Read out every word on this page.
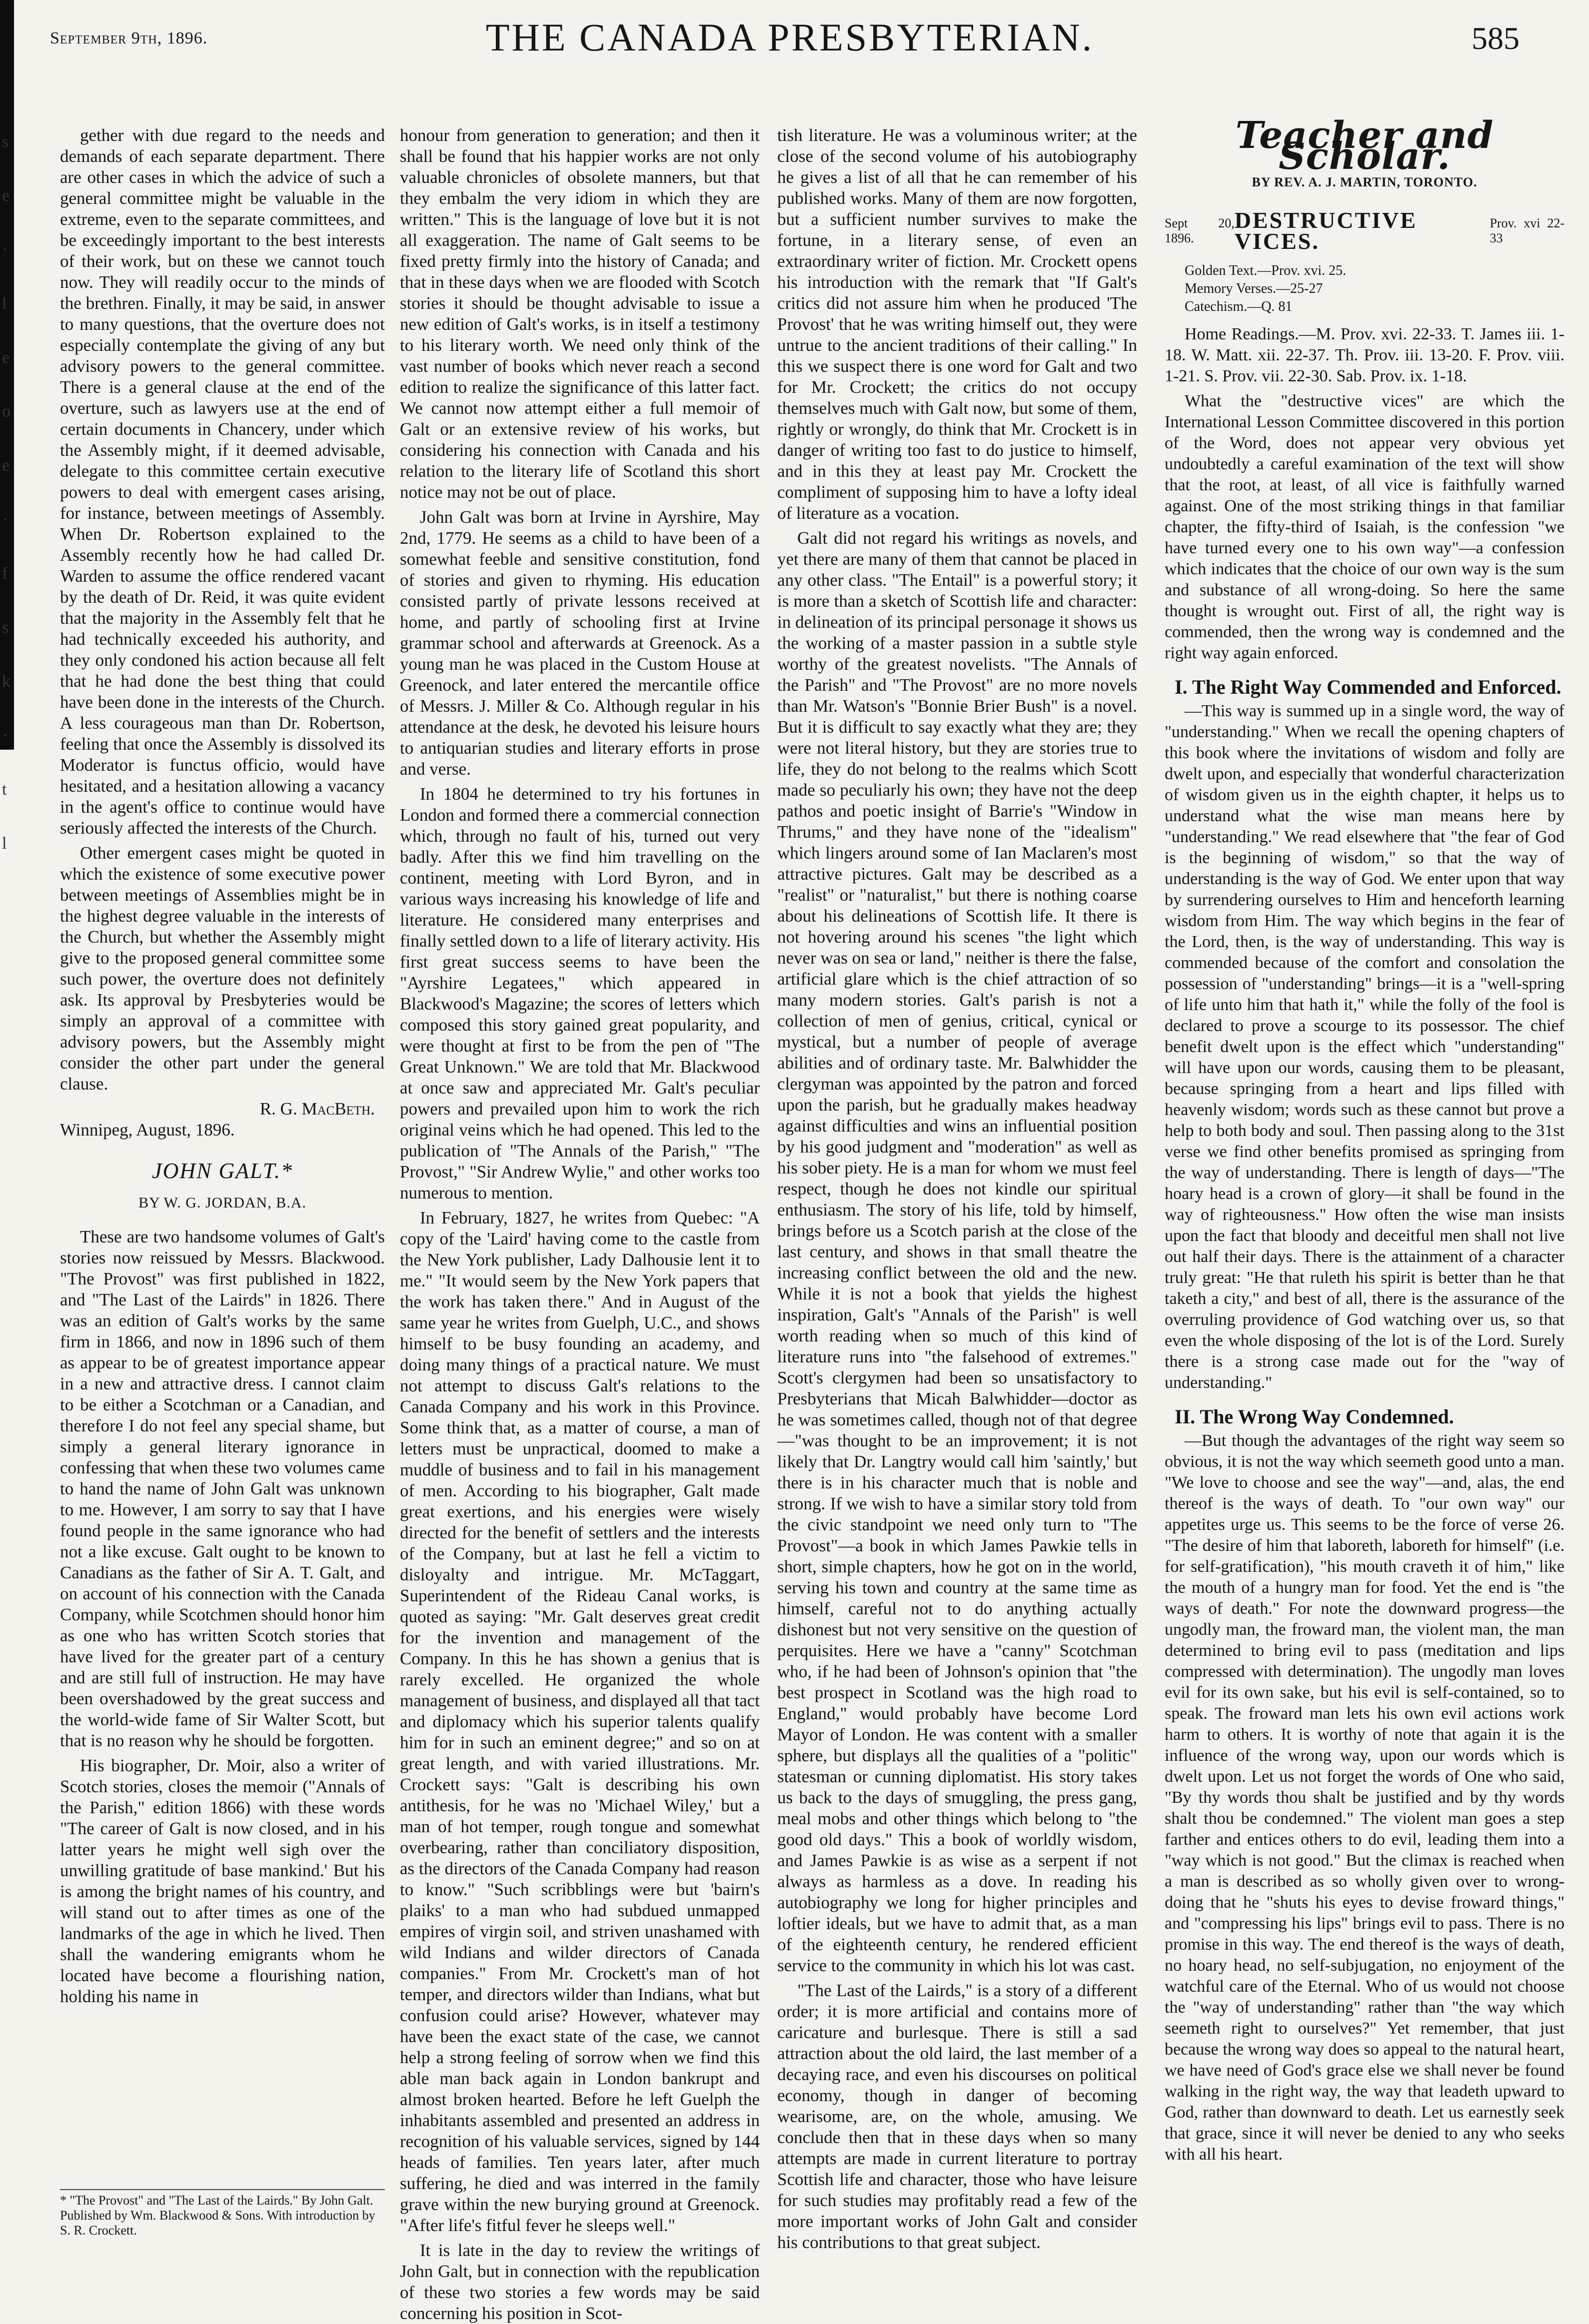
s
e
·
l
e
o
e
·
f
s
k
·
t
l
September 9th, 1896.	THE CANADA PRESBYTERIAN.	585

gether with due regard to the needs and demands of each separate department. There are other cases in which the advice of such a general committee might be valuable in the extreme, even to the separate committees, and be exceedingly important to the best interests of their work, but on these we cannot touch now. They will readily occur to the minds of the brethren. Finally, it may be said, in answer to many questions, that the overture does not especially contemplate the giving of any but advisory powers to the general committee. There is a general clause at the end of the overture, such as lawyers use at the end of certain documents in Chancery, under which the Assembly might, if it deemed advisable, delegate to this committee certain executive powers to deal with emergent cases arising, for instance, between meetings of Assembly. When Dr. Robertson explained to the Assembly recently how he had called Dr. Warden to assume the office rendered vacant by the death of Dr. Reid, it was quite evident that the majority in the Assembly felt that he had technically exceeded his authority, and they only condoned his action because all felt that he had done the best thing that could have been done in the interests of the Church. A less courageous man than Dr. Robertson, feeling that once the Assembly is dissolved its Moderator is functus officio, would have hesitated, and a hesitation allowing a vacancy in the agent's office to continue would have seriously affected the interests of the Church.

Other emergent cases might be quoted in which the existence of some executive power between meetings of Assemblies might be in the highest degree valuable in the interests of the Church, but whether the Assembly might give to the proposed general committee some such power, the overture does not definitely ask. Its approval by Presbyteries would be simply an approval of a committee with advisory powers, but the Assembly might consider the other part under the general clause.

R. G. MacBeth.
Winnipeg, August, 1896.
JOHN GALT.*
BY W. G. JORDAN, B.A.

These are two handsome volumes of Galt's stories now reissued by Messrs. Blackwood. "The Provost" was first published in 1822, and "The Last of the Lairds" in 1826. There was an edition of Galt's works by the same firm in 1866, and now in 1896 such of them as appear to be of greatest importance appear in a new and attractive dress. I cannot claim to be either a Scotchman or a Canadian, and therefore I do not feel any special shame, but simply a general literary ignorance in confessing that when these two volumes came to hand the name of John Galt was unknown to me. However, I am sorry to say that I have found people in the same ignorance who had not a like excuse. Galt ought to be known to Canadians as the father of Sir A. T. Galt, and on account of his connection with the Canada Company, while Scotchmen should honor him as one who has written Scotch stories that have lived for the greater part of a century and are still full of instruction. He may have been overshadowed by the great success and the world-wide fame of Sir Walter Scott, but that is no reason why he should be forgotten.

His biographer, Dr. Moir, also a writer of Scotch stories, closes the memoir ("Annals of the Parish," edition 1866) with these words "The career of Galt is now closed, and in his latter years he might well sigh over the unwilling gratitude of base mankind.' But his is among the bright names of his country, and will stand out to after times as one of the landmarks of the age in which he lived. Then shall the wandering emigrants whom he located have become a flourishing nation, holding his name in

* "The Provost" and "The Last of the Lairds." By John Galt. Published by Wm. Blackwood & Sons. With introduction by S. R. Crockett.

honour from generation to generation; and then it shall be found that his happier works are not only valuable chronicles of obsolete manners, but that they embalm the very idiom in which they are written." This is the language of love but it is not all exaggeration. The name of Galt seems to be fixed pretty firmly into the history of Canada; and that in these days when we are flooded with Scotch stories it should be thought advisable to issue a new edition of Galt's works, is in itself a testimony to his literary worth. We need only think of the vast number of books which never reach a second edition to realize the significance of this latter fact. We cannot now attempt either a full memoir of Galt or an extensive review of his works, but considering his connection with Canada and his relation to the literary life of Scotland this short notice may not be out of place.

John Galt was born at Irvine in Ayrshire, May 2nd, 1779. He seems as a child to have been of a somewhat feeble and sensitive constitution, fond of stories and given to rhyming. His education consisted partly of private lessons received at home, and partly of schooling first at Irvine grammar school and afterwards at Greenock. As a young man he was placed in the Custom House at Greenock, and later entered the mercantile office of Messrs. J. Miller & Co. Although regular in his attendance at the desk, he devoted his leisure hours to antiquarian studies and literary efforts in prose and verse.

In 1804 he determined to try his fortunes in London and formed there a commercial connection which, through no fault of his, turned out very badly. After this we find him travelling on the continent, meeting with Lord Byron, and in various ways increasing his knowledge of life and literature. He considered many enterprises and finally settled down to a life of literary activity. His first great success seems to have been the "Ayrshire Legatees," which appeared in Blackwood's Magazine; the scores of letters which composed this story gained great popularity, and were thought at first to be from the pen of "The Great Unknown." We are told that Mr. Blackwood at once saw and appreciated Mr. Galt's peculiar powers and prevailed upon him to work the rich original veins which he had opened. This led to the publication of "The Annals of the Parish," "The Provost," "Sir Andrew Wylie," and other works too numerous to mention.

In February, 1827, he writes from Quebec: "A copy of the 'Laird' having come to the castle from the New York publisher, Lady Dalhousie lent it to me." "It would seem by the New York papers that the work has taken there." And in August of the same year he writes from Guelph, U.C., and shows himself to be busy founding an academy, and doing many things of a practical nature. We must not attempt to discuss Galt's relations to the Canada Company and his work in this Province. Some think that, as a matter of course, a man of letters must be unpractical, doomed to make a muddle of business and to fail in his management of men. According to his biographer, Galt made great exertions, and his energies were wisely directed for the benefit of settlers and the interests of the Company, but at last he fell a victim to disloyalty and intrigue. Mr. McTaggart, Superintendent of the Rideau Canal works, is quoted as saying: "Mr. Galt deserves great credit for the invention and management of the Company. In this he has shown a genius that is rarely excelled. He organized the whole management of business, and displayed all that tact and diplomacy which his superior talents qualify him for in such an eminent degree;" and so on at great length, and with varied illustrations. Mr. Crockett says: "Galt is describing his own antithesis, for he was no 'Michael Wiley,' but a man of hot temper, rough tongue and somewhat overbearing, rather than conciliatory disposition, as the directors of the Canada Company had reason to know." "Such scribblings were but 'bairn's plaiks' to a man who had subdued unmapped empires of virgin soil, and striven unashamed with wild Indians and wilder directors of Canada companies." From Mr. Crockett's man of hot temper, and directors wilder than Indians, what but confusion could arise? However, whatever may have been the exact state of the case, we cannot help a strong feeling of sorrow when we find this able man back again in London bankrupt and almost broken hearted. Before he left Guelph the inhabitants assembled and presented an address in recognition of his valuable services, signed by 144 heads of families. Ten years later, after much suffering, he died and was interred in the family grave within the new burying ground at Greenock. "After life's fitful fever he sleeps well."

It is late in the day to review the writings of John Galt, but in connection with the republication of these two stories a few words may be said concerning his position in Scot-

tish literature. He was a voluminous writer; at the close of the second volume of his autobiography he gives a list of all that he can remember of his published works. Many of them are now forgotten, but a sufficient number survives to make the fortune, in a literary sense, of even an extraordinary writer of fiction. Mr. Crockett opens his introduction with the remark that "If Galt's critics did not assure him when he produced 'The Provost' that he was writing himself out, they were untrue to the ancient traditions of their calling." In this we suspect there is one word for Galt and two for Mr. Crockett; the critics do not occupy themselves much with Galt now, but some of them, rightly or wrongly, do think that Mr. Crockett is in danger of writing too fast to do justice to himself, and in this they at least pay Mr. Crockett the compliment of supposing him to have a lofty ideal of literature as a vocation.

Galt did not regard his writings as novels, and yet there are many of them that cannot be placed in any other class. "The Entail" is a powerful story; it is more than a sketch of Scottish life and character: in delineation of its principal personage it shows us the working of a master passion in a subtle style worthy of the greatest novelists. "The Annals of the Parish" and "The Provost" are no more novels than Mr. Watson's "Bonnie Brier Bush" is a novel. But it is difficult to say exactly what they are; they were not literal history, but they are stories true to life, they do not belong to the realms which Scott made so peculiarly his own; they have not the deep pathos and poetic insight of Barrie's "Window in Thrums," and they have none of the "idealism" which lingers around some of Ian Maclaren's most attractive pictures. Galt may be described as a "realist" or "naturalist," but there is nothing coarse about his delineations of Scottish life. It there is not hovering around his scenes "the light which never was on sea or land," neither is there the false, artificial glare which is the chief attraction of so many modern stories. Galt's parish is not a collection of men of genius, critical, cynical or mystical, but a number of people of average abilities and of ordinary taste. Mr. Balwhidder the clergyman was appointed by the patron and forced upon the parish, but he gradually makes headway against difficulties and wins an influential position by his good judgment and "moderation" as well as his sober piety. He is a man for whom we must feel respect, though he does not kindle our spiritual enthusiasm. The story of his life, told by himself, brings before us a Scotch parish at the close of the last century, and shows in that small theatre the increasing conflict between the old and the new. While it is not a book that yields the highest inspiration, Galt's "Annals of the Parish" is well worth reading when so much of this kind of literature runs into "the falsehood of extremes." Scott's clergymen had been so unsatisfactory to Presbyterians that Micah Balwhidder—doctor as he was sometimes called, though not of that degree—"was thought to be an improvement; it is not likely that Dr. Langtry would call him 'saintly,' but there is in his character much that is noble and strong. If we wish to have a similar story told from the civic standpoint we need only turn to "The Provost"—a book in which James Pawkie tells in short, simple chapters, how he got on in the world, serving his town and country at the same time as himself, careful not to do anything actually dishonest but not very sensitive on the question of perquisites. Here we have a "canny" Scotchman who, if he had been of Johnson's opinion that "the best prospect in Scotland was the high road to England," would probably have become Lord Mayor of London. He was content with a smaller sphere, but displays all the qualities of a "politic" statesman or cunning diplomatist. His story takes us back to the days of smuggling, the press gang, meal mobs and other things which belong to "the good old days." This a book of worldly wisdom, and James Pawkie is as wise as a serpent if not always as harmless as a dove. In reading his autobiography we long for higher principles and loftier ideals, but we have to admit that, as a man of the eighteenth century, he rendered efficient service to the community in which his lot was cast.

"The Last of the Lairds," is a story of a different order; it is more artificial and contains more of caricature and burlesque. There is still a sad attraction about the old laird, the last member of a decaying race, and even his discourses on political economy, though in danger of becoming wearisome, are, on the whole, amusing. We conclude then that in these days when so many attempts are made in current literature to portray Scottish life and character, those who have leisure for such studies may profitably read a few of the more important works of John Galt and consider his contributions to that great subject.

Teacher and Scholar.
BY REV. A. J. MARTIN, TORONTO.
Sept 20, 1896.
DESTRUCTIVE VICES.
Prov. xvi 22-33
Golden Text.—Prov. xvi. 25.
Memory Verses.—25-27
Catechism.—Q. 81

Home Readings.—M. Prov. xvi. 22-33. T. James iii. 1-18. W. Matt. xii. 22-37. Th. Prov. iii. 13-20. F. Prov. viii. 1-21. S. Prov. vii. 22-30. Sab. Prov. ix. 1-18.

What the "destructive vices" are which the International Lesson Committee discovered in this portion of the Word, does not appear very obvious yet undoubtedly a careful examination of the text will show that the root, at least, of all vice is faithfully warned against. One of the most striking things in that familiar chapter, the fifty-third of Isaiah, is the confession "we have turned every one to his own way"—a confession which indicates that the choice of our own way is the sum and substance of all wrong-doing. So here the same thought is wrought out. First of all, the right way is commended, then the wrong way is condemned and the right way again enforced.

I. The Right Way Commended and Enforced.

—This way is summed up in a single word, the way of "understanding." When we recall the opening chapters of this book where the invitations of wisdom and folly are dwelt upon, and especially that wonderful characterization of wisdom given us in the eighth chapter, it helps us to understand what the wise man means here by "understanding." We read elsewhere that "the fear of God is the beginning of wisdom," so that the way of understanding is the way of God. We enter upon that way by surrendering ourselves to Him and henceforth learning wisdom from Him. The way which begins in the fear of the Lord, then, is the way of understanding. This way is commended because of the comfort and consolation the possession of "understanding" brings—it is a "well-spring of life unto him that hath it," while the folly of the fool is declared to prove a scourge to its possessor. The chief benefit dwelt upon is the effect which "understanding" will have upon our words, causing them to be pleasant, because springing from a heart and lips filled with heavenly wisdom; words such as these cannot but prove a help to both body and soul. Then passing along to the 31st verse we find other benefits promised as springing from the way of understanding. There is length of days—"The hoary head is a crown of glory—it shall be found in the way of righteousness." How often the wise man insists upon the fact that bloody and deceitful men shall not live out half their days. There is the attainment of a character truly great: "He that ruleth his spirit is better than he that taketh a city," and best of all, there is the assurance of the overruling providence of God watching over us, so that even the whole disposing of the lot is of the Lord. Surely there is a strong case made out for the "way of understanding."

II. The Wrong Way Condemned.

—But though the advantages of the right way seem so obvious, it is not the way which seemeth good unto a man. "We love to choose and see the way"—and, alas, the end thereof is the ways of death. To "our own way" our appetites urge us. This seems to be the force of verse 26. "The desire of him that laboreth, laboreth for himself" (i.e. for self-gratification), "his mouth craveth it of him," like the mouth of a hungry man for food. Yet the end is "the ways of death." For note the downward progress—the ungodly man, the froward man, the violent man, the man determined to bring evil to pass (meditation and lips compressed with determination). The ungodly man loves evil for its own sake, but his evil is self-contained, so to speak. The froward man lets his own evil actions work harm to others. It is worthy of note that again it is the influence of the wrong way, upon our words which is dwelt upon. Let us not forget the words of One who said, "By thy words thou shalt be justified and by thy words shalt thou be condemned." The violent man goes a step farther and entices others to do evil, leading them into a "way which is not good." But the climax is reached when a man is described as so wholly given over to wrong-doing that he "shuts his eyes to devise froward things," and "compressing his lips" brings evil to pass. There is no promise in this way. The end thereof is the ways of death, no hoary head, no self-subjugation, no enjoyment of the watchful care of the Eternal. Who of us would not choose the "way of understanding" rather than "the way which seemeth right to ourselves?" Yet remember, that just because the wrong way does so appeal to the natural heart, we have need of God's grace else we shall never be found walking in the right way, the way that leadeth upward to God, rather than downward to death. Let us earnestly seek that grace, since it will never be denied to any who seeks with all his heart.
